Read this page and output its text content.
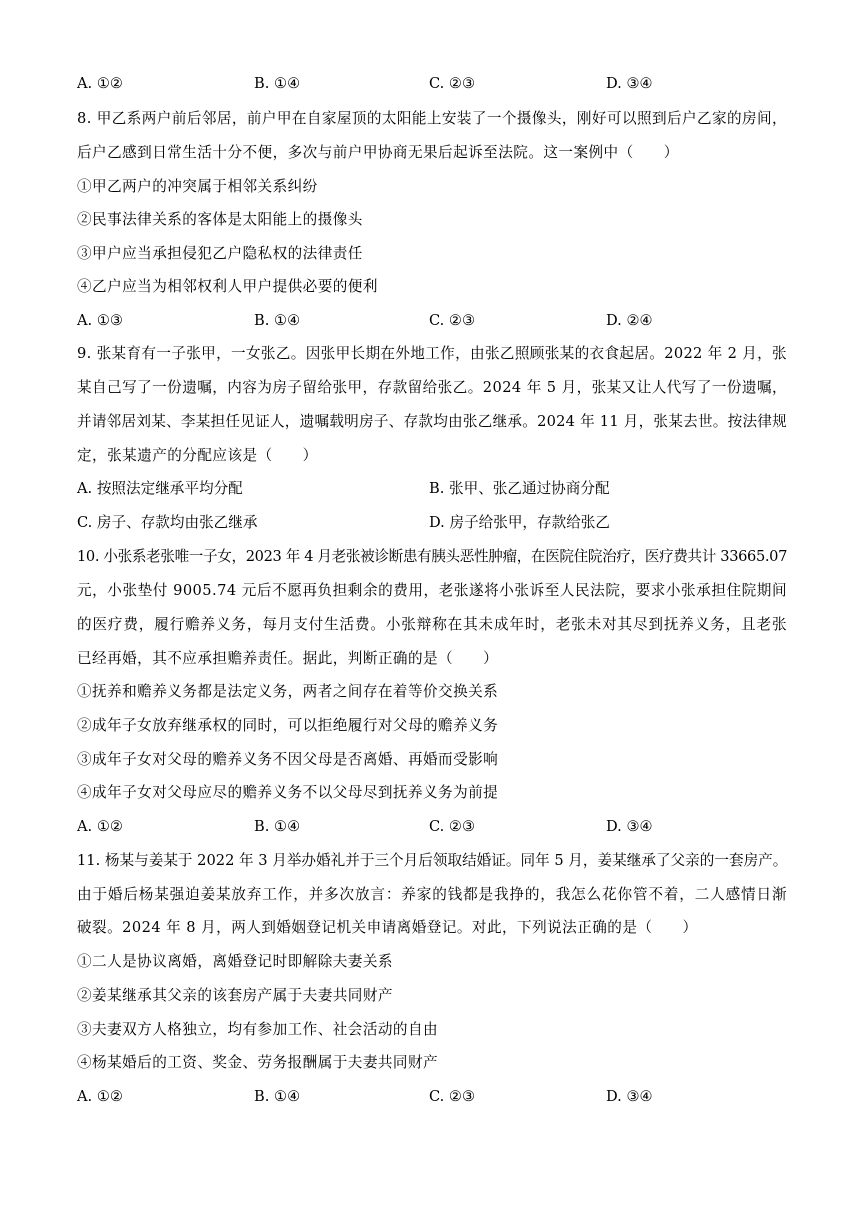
A. ①②	B. ①④	C. ②③	D. ③④
8. 甲乙系两户前后邻居，前户甲在自家屋顶的太阳能上安装了一个摄像头，刚好可以照到后户乙家的房间，
后户乙感到日常生活十分不便，多次与前户甲协商无果后起诉至法院。这一案例中（　　）
①甲乙两户的冲突属于相邻关系纠纷
②民事法律关系的客体是太阳能上的摄像头
③甲户应当承担侵犯乙户隐私权的法律责任
④乙户应当为相邻权利人甲户提供必要的便利
A. ①③	B. ①④	C. ②③	D. ②④
9. 张某育有一子张甲，一女张乙。因张甲长期在外地工作，由张乙照顾张某的衣食起居。2022 年 2 月，张
某自己写了一份遗嘱，内容为房子留给张甲，存款留给张乙。2024 年 5 月，张某又让人代写了一份遗嘱，
并请邻居刘某、李某担任见证人，遗嘱载明房子、存款均由张乙继承。2024 年 11 月，张某去世。按法律规
定，张某遗产的分配应该是（　　）
A. 按照法定继承平均分配	B. 张甲、张乙通过协商分配
C. 房子、存款均由张乙继承	D. 房子给张甲，存款给张乙
10. 小张系老张唯一子女，2023 年 4 月老张被诊断患有胰头恶性肿瘤，在医院住院治疗，医疗费共计 33665.07
元，小张垫付 9005.74 元后不愿再负担剩余的费用，老张遂将小张诉至人民法院，要求小张承担住院期间
的医疗费，履行赡养义务，每月支付生活费。小张辩称在其未成年时，老张未对其尽到抚养义务，且老张
已经再婚，其不应承担赡养责任。据此，判断正确的是（　　）
①抚养和赡养义务都是法定义务，两者之间存在着等价交换关系
②成年子女放弃继承权的同时，可以拒绝履行对父母的赡养义务
③成年子女对父母的赡养义务不因父母是否离婚、再婚而受影响
④成年子女对父母应尽的赡养义务不以父母尽到抚养义务为前提
A. ①②	B. ①④	C. ②③	D. ③④
11. 杨某与姜某于 2022 年 3 月举办婚礼并于三个月后领取结婚证。同年 5 月，姜某继承了父亲的一套房产。
由于婚后杨某强迫姜某放弃工作，并多次放言：养家的钱都是我挣的，我怎么花你管不着，二人感情日渐
破裂。2024 年 8 月，两人到婚姻登记机关申请离婚登记。对此，下列说法正确的是（　　）
①二人是协议离婚，离婚登记时即解除夫妻关系
②姜某继承其父亲的该套房产属于夫妻共同财产
③夫妻双方人格独立，均有参加工作、社会活动的自由
④杨某婚后的工资、奖金、劳务报酬属于夫妻共同财产
A. ①②	B. ①④	C. ②③	D. ③④
